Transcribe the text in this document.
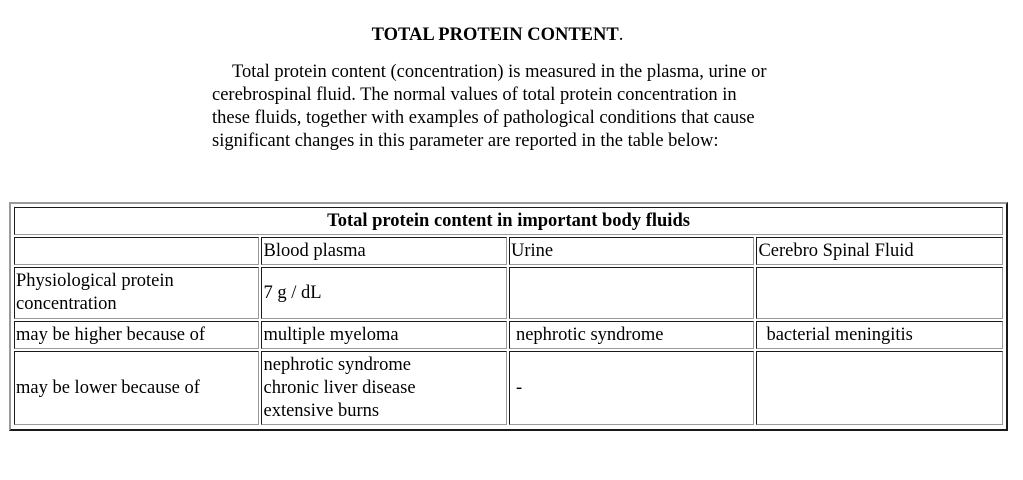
TOTAL PROTEIN CONTENT.

Total protein content (concentration) is measured in the plasma, urine or
cerebrospinal fluid. The normal values of total protein concentration in
these fluids, together with examples of pathological conditions that cause
significant changes in this parameter are reported in the table below:

Total protein content in important body fluids			
	Blood plasma	Urine	Cerebro Spinal Fluid

Physiological protein
concentration	7 g / dL		
may be higher because of	multiple myeloma	nephrotic syndrome	bacterial meningitis
may be lower because of	nephrotic syndrome
chronic liver disease
extensive burns	-	
